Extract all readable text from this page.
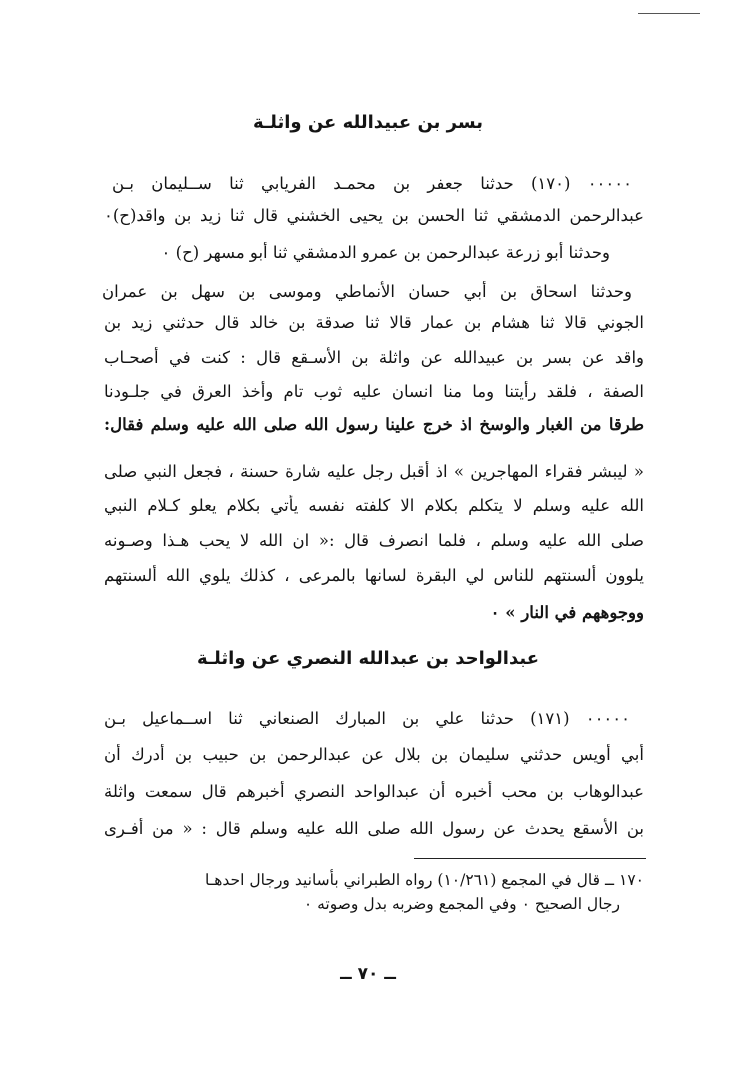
بسر بن عبيدالله عن واثلـة
٠٠٠٠٠ (١٧٠) حدثنا جعفر بن محمـد الفريابي ثنا ســليمان بـن
عبدالرحمن الدمشقي ثنا الحسن بن يحيى الخشني قال ثنا زيد بن واقد(ح)٠
وحدثنا أبو زرعة عبدالرحمن بن عمرو الدمشقي ثنا أبو مسهر (ح) ٠
وحدثنا اسحاق بن أبي حسان الأنماطي وموسى بن سهل بن عمران
الجوني قالا ثنا هشام بن عمار قالا ثنا صدقة بن خالد قال حدثني زيد بن
واقد عن بسر بن عبيدالله عن واثلة بن الأسـقع قال : كنت في أصحـاب
الصفة ، فلقد رأيتنا وما منا انسان عليه ثوب تام وأخذ العرق في جلـودنا
طرقا من الغبار والوسخ اذ خرج علينا رسول الله صلى الله عليه وسلم فقال:
« ليبشر فقراء المهاجرين » اذ أقبل رجل عليه شارة حسنة ، فجعل النبي صلى
الله عليه وسلم لا يتكلم بكلام الا كلفته نفسه يأتي بكلام يعلو كـلام النبي
صلى الله عليه وسلم ، فلما انصرف قال :« ان الله لا يحب هـذا وصـونه
يلوون ألسنتهم للناس لي البقرة لسانها بالمرعى ، كذلك يلوي الله ألسنتهم
ووجوههم في النار » ٠
عبدالواحد بن عبدالله النصري عن واثلـة
٠٠٠٠٠ (١٧١) حدثنا علي بن المبارك الصنعاني ثنا اســماعيل بـن
أبي أويس حدثني سليمان بن بلال عن عبدالرحمن بن حبيب بن أدرك أن
عبدالوهاب بن محب أخبره أن عبدالواحد النصري أخبرهم قال سمعت واثلة
بن الأسقع يحدث عن رسول الله صلى الله عليه وسلم قال : « من أفـرى
١٧٠ ــ قال في المجمع (١٠/٢٦١) رواه الطبراني بأسانيد ورجال احدهـا
رجال الصحيح ٠ وفي المجمع وضربه بدل وصوته ٠
ــ ٧٠ ــ
